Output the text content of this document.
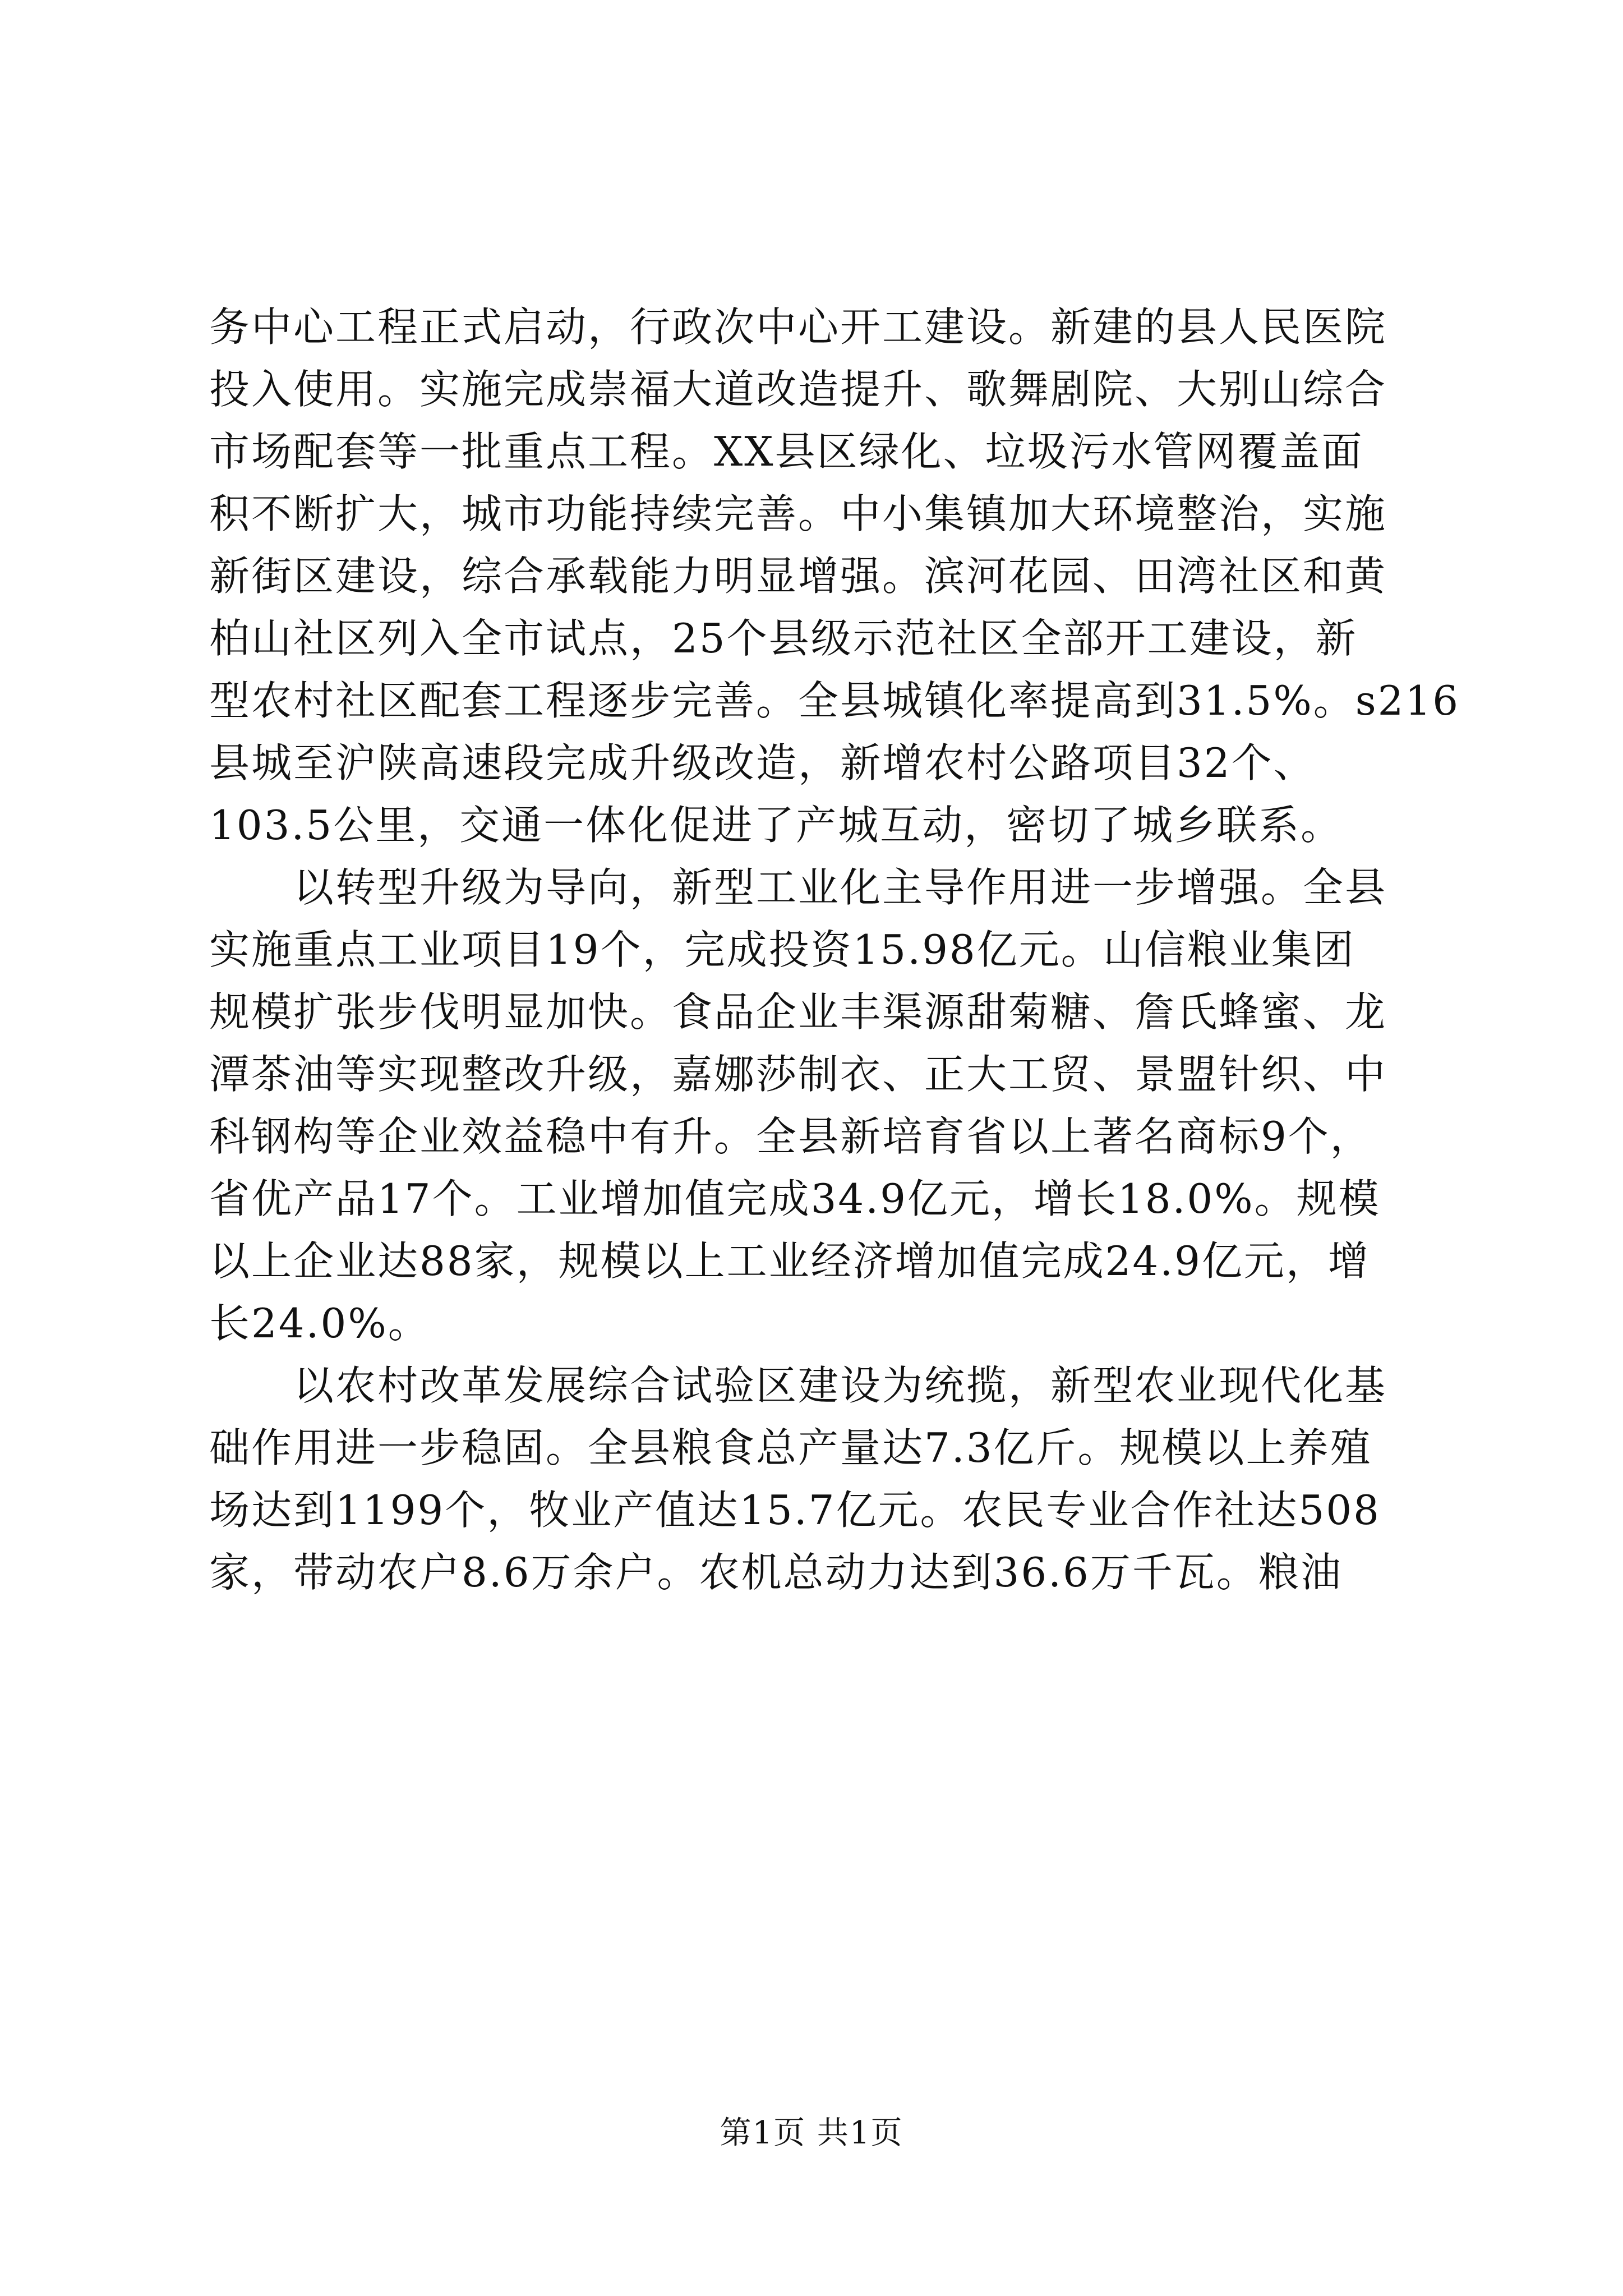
务中心工程正式启动，行政次中心开工建设。新建的县人民医院
投入使用。实施完成崇福大道改造提升、歌舞剧院、大别山综合
市场配套等一批重点工程。XX县区绿化、垃圾污水管网覆盖面
积不断扩大，城市功能持续完善。中小集镇加大环境整治，实施
新街区建设，综合承载能力明显增强。滨河花园、田湾社区和黄
柏山社区列入全市试点，25个县级示范社区全部开工建设，新
型农村社区配套工程逐步完善。全县城镇化率提高到31.5%。s216
县城至沪陕高速段完成升级改造，新增农村公路项目32个、
103.5公里，交通一体化促进了产城互动，密切了城乡联系。
　　以转型升级为导向，新型工业化主导作用进一步增强。全县
实施重点工业项目19个，完成投资15.98亿元。山信粮业集团
规模扩张步伐明显加快。食品企业丰渠源甜菊糖、詹氏蜂蜜、龙
潭茶油等实现整改升级，嘉娜莎制衣、正大工贸、景盟针织、中
科钢构等企业效益稳中有升。全县新培育省以上著名商标9个，
省优产品17个。工业增加值完成34.9亿元，增长18.0%。规模
以上企业达88家，规模以上工业经济增加值完成24.9亿元，增
长24.0%。
　　以农村改革发展综合试验区建设为统揽，新型农业现代化基
础作用进一步稳固。全县粮食总产量达7.3亿斤。规模以上养殖
场达到1199个，牧业产值达15.7亿元。农民专业合作社达508
家，带动农户8.6万余户。农机总动力达到36.6万千瓦。粮油
第1页 共1页
